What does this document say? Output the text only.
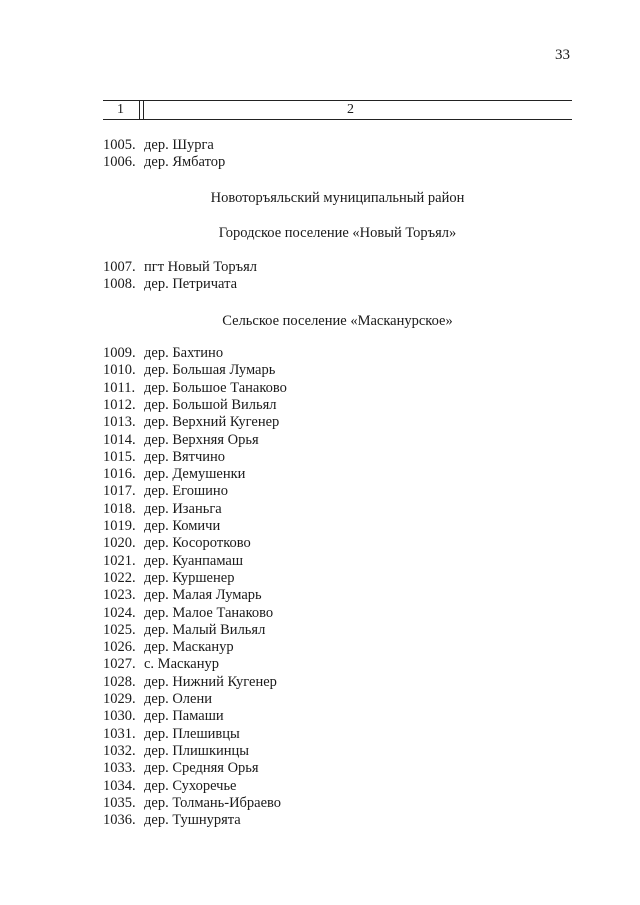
33
1	2
1005. дер. Шурга
1006. дер. Ямбатор
Новоторъяльский муниципальный район
Городское поселение «Новый Торъял»
1007. пгт Новый Торъял
1008. дер. Петричата
Сельское поселение «Масканурское»
1009. дер. Бахтино
1010. дер. Большая Лумарь
1011. дер. Большое Танаково
1012. дер. Большой Вильял
1013. дер. Верхний Кугенер
1014. дер. Верхняя Орья
1015. дер. Вятчино
1016. дер. Демушенки
1017. дер. Егошино
1018. дер. Изаньга
1019. дер. Комичи
1020. дер. Косоротково
1021. дер. Куанпамаш
1022. дер. Куршенер
1023. дер. Малая Лумарь
1024. дер. Малое Танаково
1025. дер. Малый Вильял
1026. дер. Масканур
1027. с. Масканур
1028. дер. Нижний Кугенер
1029. дер. Олени
1030. дер. Памаши
1031. дер. Плешивцы
1032. дер. Плишкинцы
1033. дер. Средняя Орья
1034. дер. Сухоречье
1035. дер. Толмань-Ибраево
1036. дер. Тушнурята
